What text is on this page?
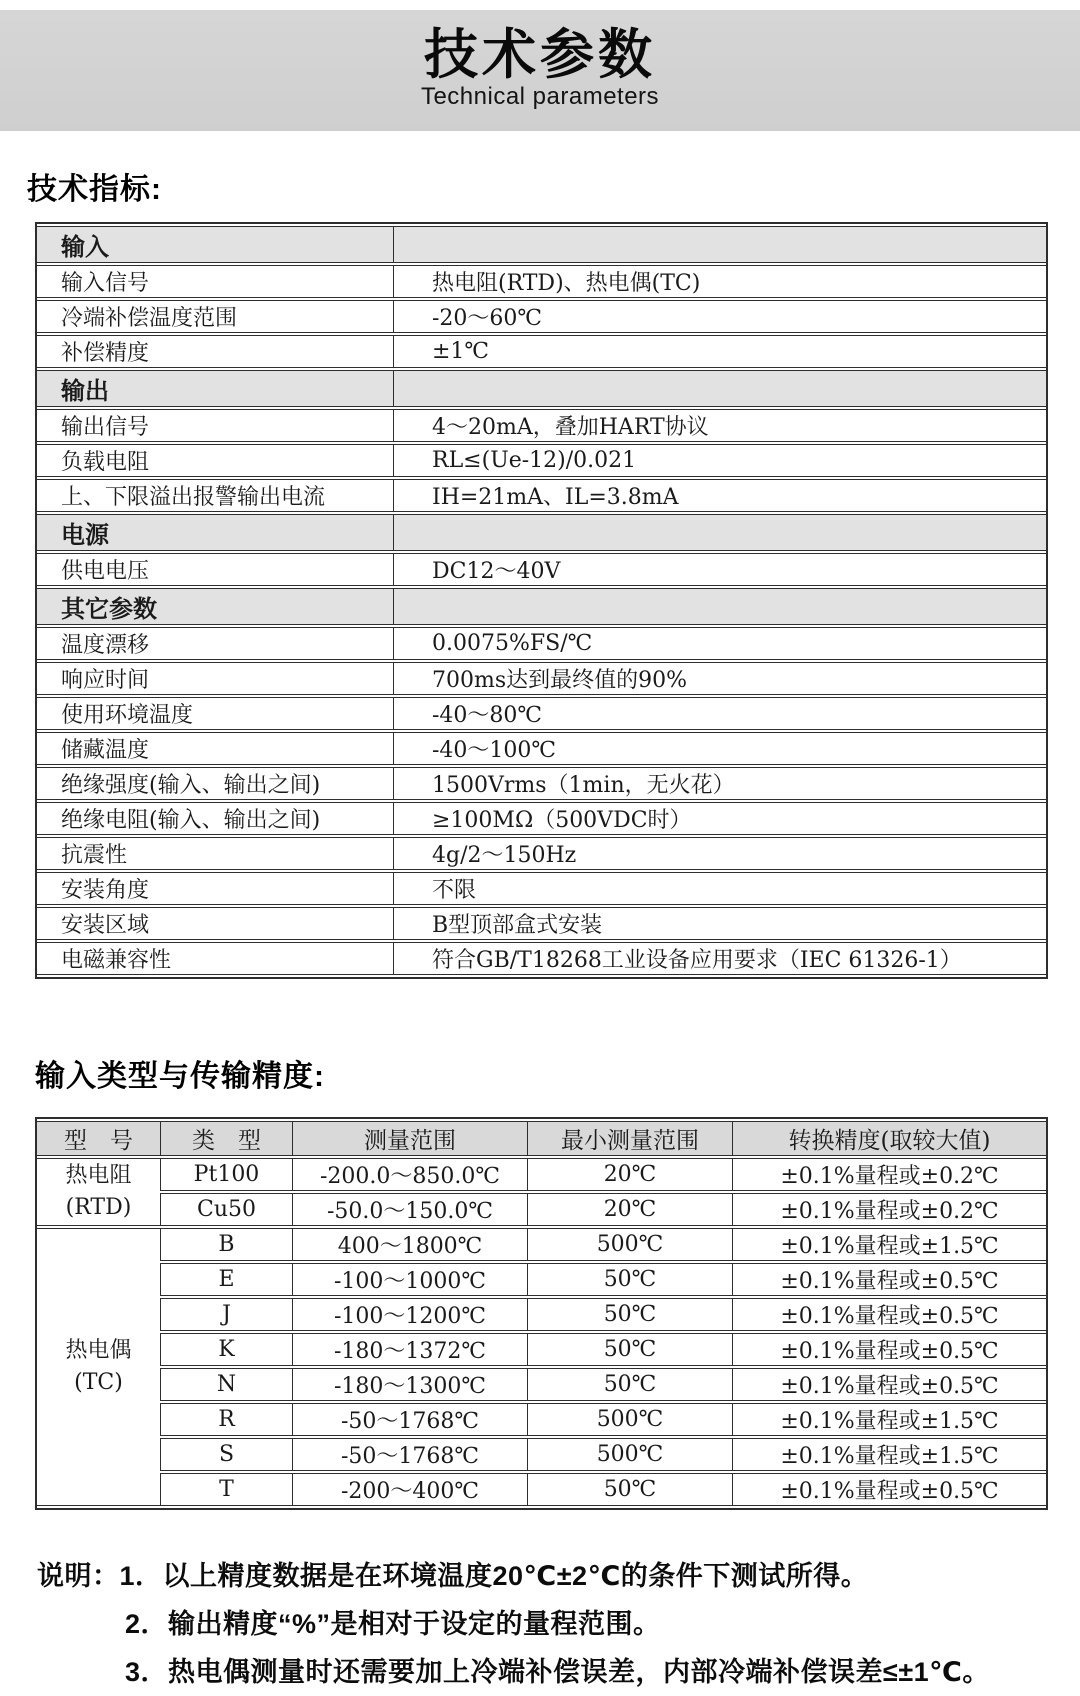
技术参数
Technical parameters
技术指标:
输入	
输入信号	热电阻(RTD)、热电偶(TC)
冷端补偿温度范围	-20～60℃
补偿精度	±1℃
输出	
输出信号	4～20mA，叠加HART协议
负载电阻	RL≤(Ue-12)/0.021
上、下限溢出报警输出电流	IH=21mA、IL=3.8mA
电源	
供电电压	DC12～40V
其它参数	
温度漂移	0.0075%FS/℃
响应时间	700ms达到最终值的90%
使用环境温度	-40～80℃
储藏温度	-40～100℃
绝缘强度(输入、输出之间)	1500Vrms（1min，无火花）
绝缘电阻(输入、输出之间)	≥100MΩ（500VDC时）
抗震性	4g/2～150Hz
安装角度	不限
安装区域	B型顶部盒式安装
电磁兼容性	符合GB/T18268工业设备应用要求（IEC 61326-1）
输入类型与传输精度:
型　号	类　型	测量范围	最小测量范围	转换精度(取较大值)

热电阻
(RTD)	Pt100	-200.0～850.0℃	20℃	±0.1%量程或±0.2℃
	Cu50	-50.0～150.0℃	20℃	±0.1%量程或±0.2℃

热电偶
(TC)	B	400～1800℃	500℃	±0.1%量程或±1.5℃
	E	-100～1000℃	50℃	±0.1%量程或±0.5℃
	J	-100～1200℃	50℃	±0.1%量程或±0.5℃
	K	-180～1372℃	50℃	±0.1%量程或±0.5℃
	N	-180～1300℃	50℃	±0.1%量程或±0.5℃
	R	-50～1768℃	500℃	±0.1%量程或±1.5℃
	S	-50～1768℃	500℃	±0.1%量程或±1.5℃
	T	-200～400℃	50℃	±0.1%量程或±0.5℃
说明：1．以上精度数据是在环境温度20℃±2℃的条件下测试所得。
2．输出精度“%”是相对于设定的量程范围。
3．热电偶测量时还需要加上冷端补偿误差，内部冷端补偿误差≤±1℃。
